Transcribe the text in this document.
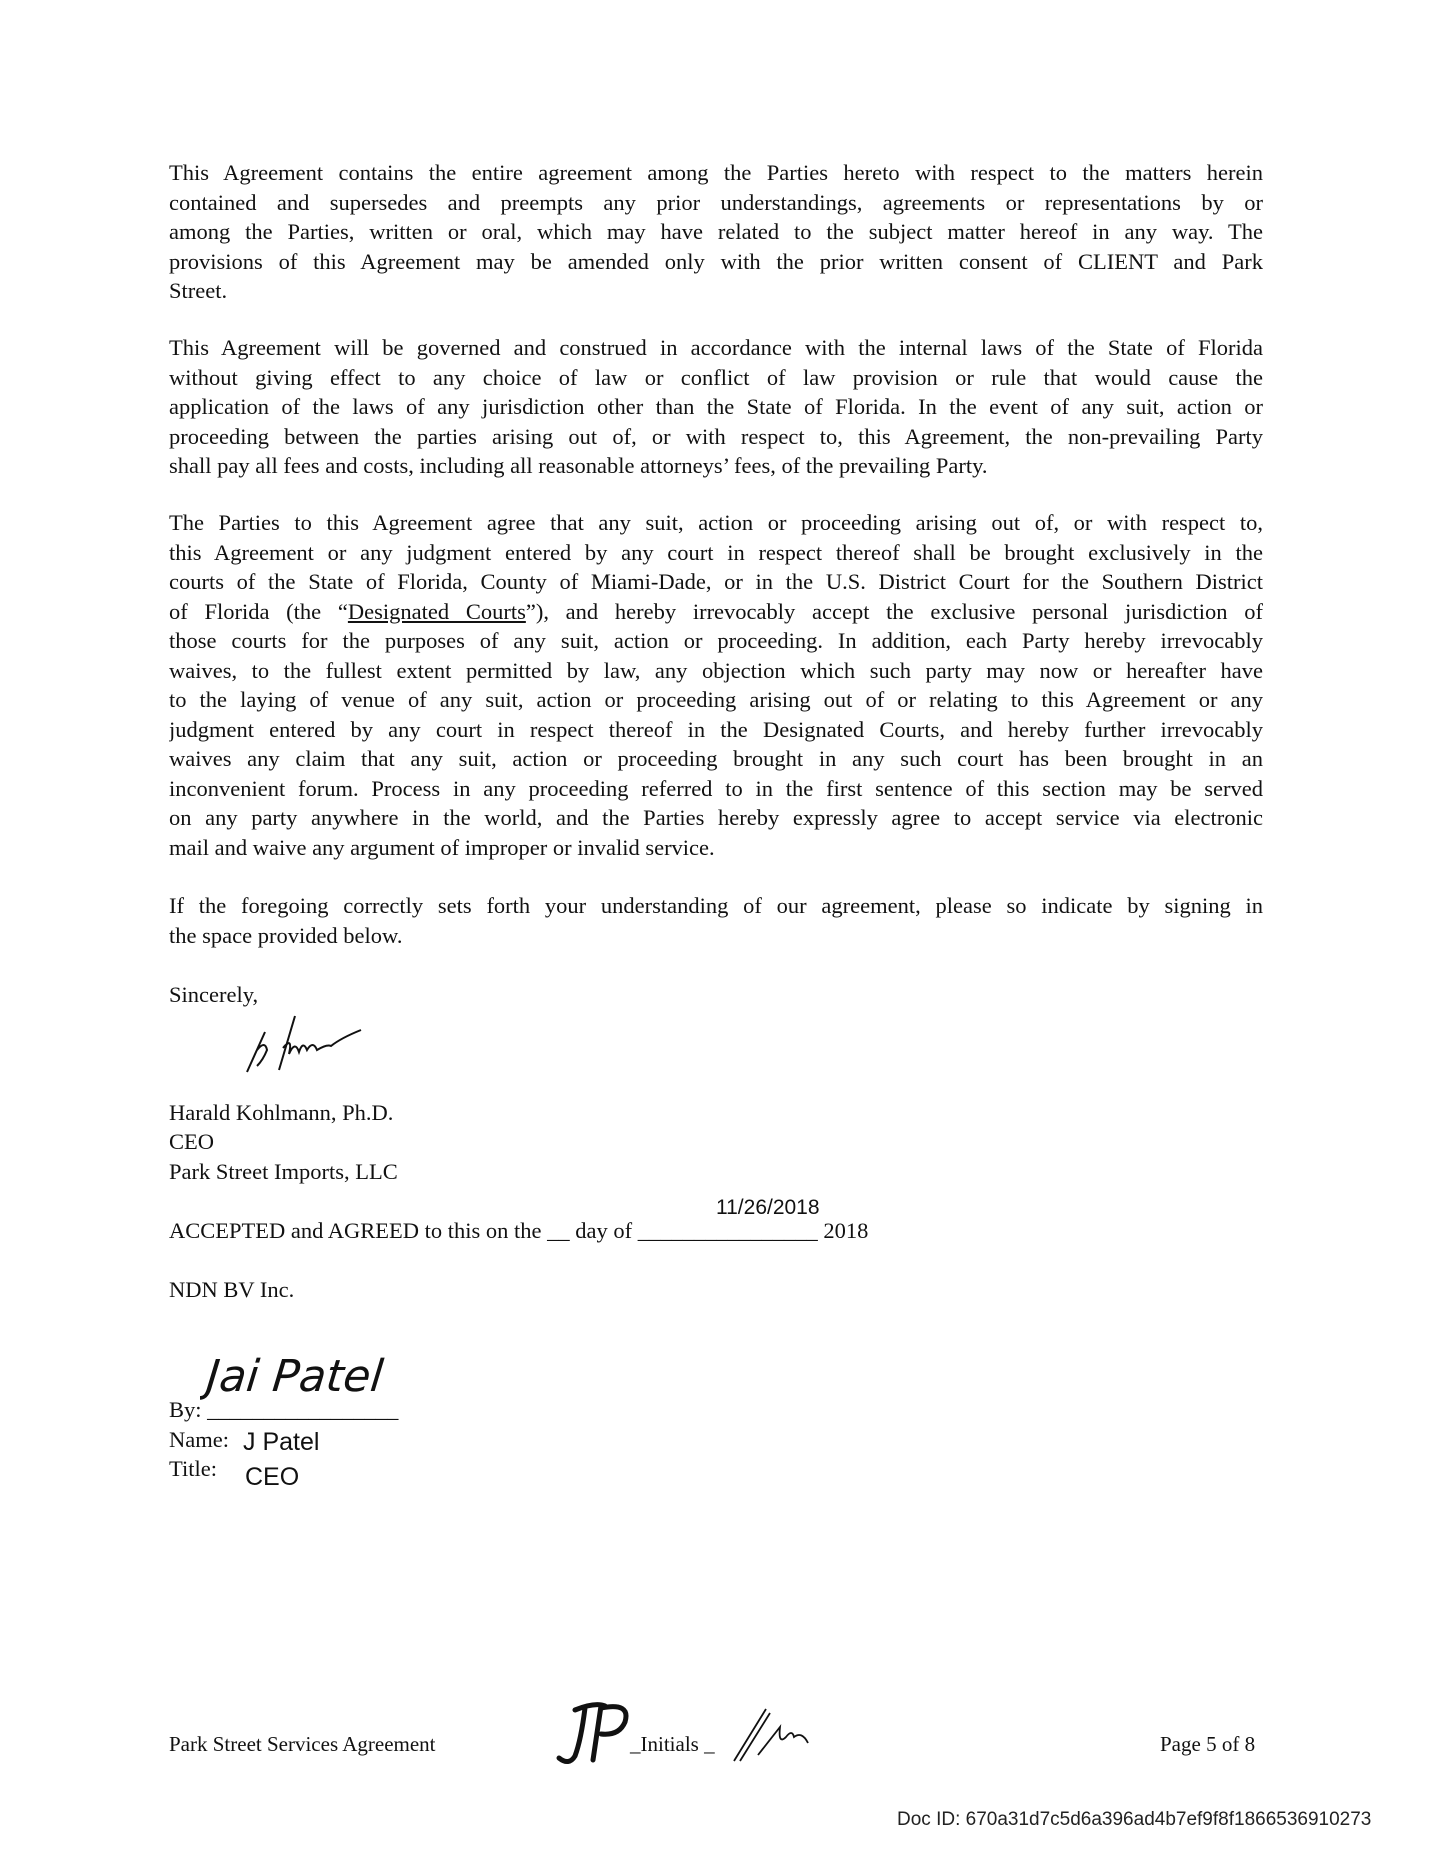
This Agreement contains the entire agreement among the Parties hereto with respect to the matters herein
contained and supersedes and preempts any prior understandings, agreements or representations by or
among the Parties, written or oral, which may have related to the subject matter hereof in any way. The
provisions of this Agreement may be amended only with the prior written consent of CLIENT and Park
Street.
This Agreement will be governed and construed in accordance with the internal laws of the State of Florida
without giving effect to any choice of law or conflict of law provision or rule that would cause the
application of the laws of any jurisdiction other than the State of Florida. In the event of any suit, action or
proceeding between the parties arising out of, or with respect to, this Agreement, the non-prevailing Party
shall pay all fees and costs, including all reasonable attorneys’ fees, of the prevailing Party.
The Parties to this Agreement agree that any suit, action or proceeding arising out of, or with respect to,
this Agreement or any judgment entered by any court in respect thereof shall be brought exclusively in the
courts of the State of Florida, County of Miami-Dade, or in the U.S. District Court for the Southern District
of Florida (the “Designated Courts”), and hereby irrevocably accept the exclusive personal jurisdiction of
those courts for the purposes of any suit, action or proceeding. In addition, each Party hereby irrevocably
waives, to the fullest extent permitted by law, any objection which such party may now or hereafter have
to the laying of venue of any suit, action or proceeding arising out of or relating to this Agreement or any
judgment entered by any court in respect thereof in the Designated Courts, and hereby further irrevocably
waives any claim that any suit, action or proceeding brought in any such court has been brought in an
inconvenient forum. Process in any proceeding referred to in the first sentence of this section may be served
on any party anywhere in the world, and the Parties hereby expressly agree to accept service via electronic
mail and waive any argument of improper or invalid service.
If the foregoing correctly sets forth your understanding of our agreement, please so indicate by signing in
the space provided below.
Sincerely,
Harald Kohlmann, Ph.D.
CEO
Park Street Imports, LLC
11/26/2018
ACCEPTED and AGREED to this on the __ day of ________________ 2018
NDN BV Inc.
Jai Patel
By: _________________
Name: J Patel
Title: CEO
Park Street Services Agreement	_Initials _	Page 5 of 8
Doc ID: 670a31d7c5d6a396ad4b7ef9f8f1866536910273
